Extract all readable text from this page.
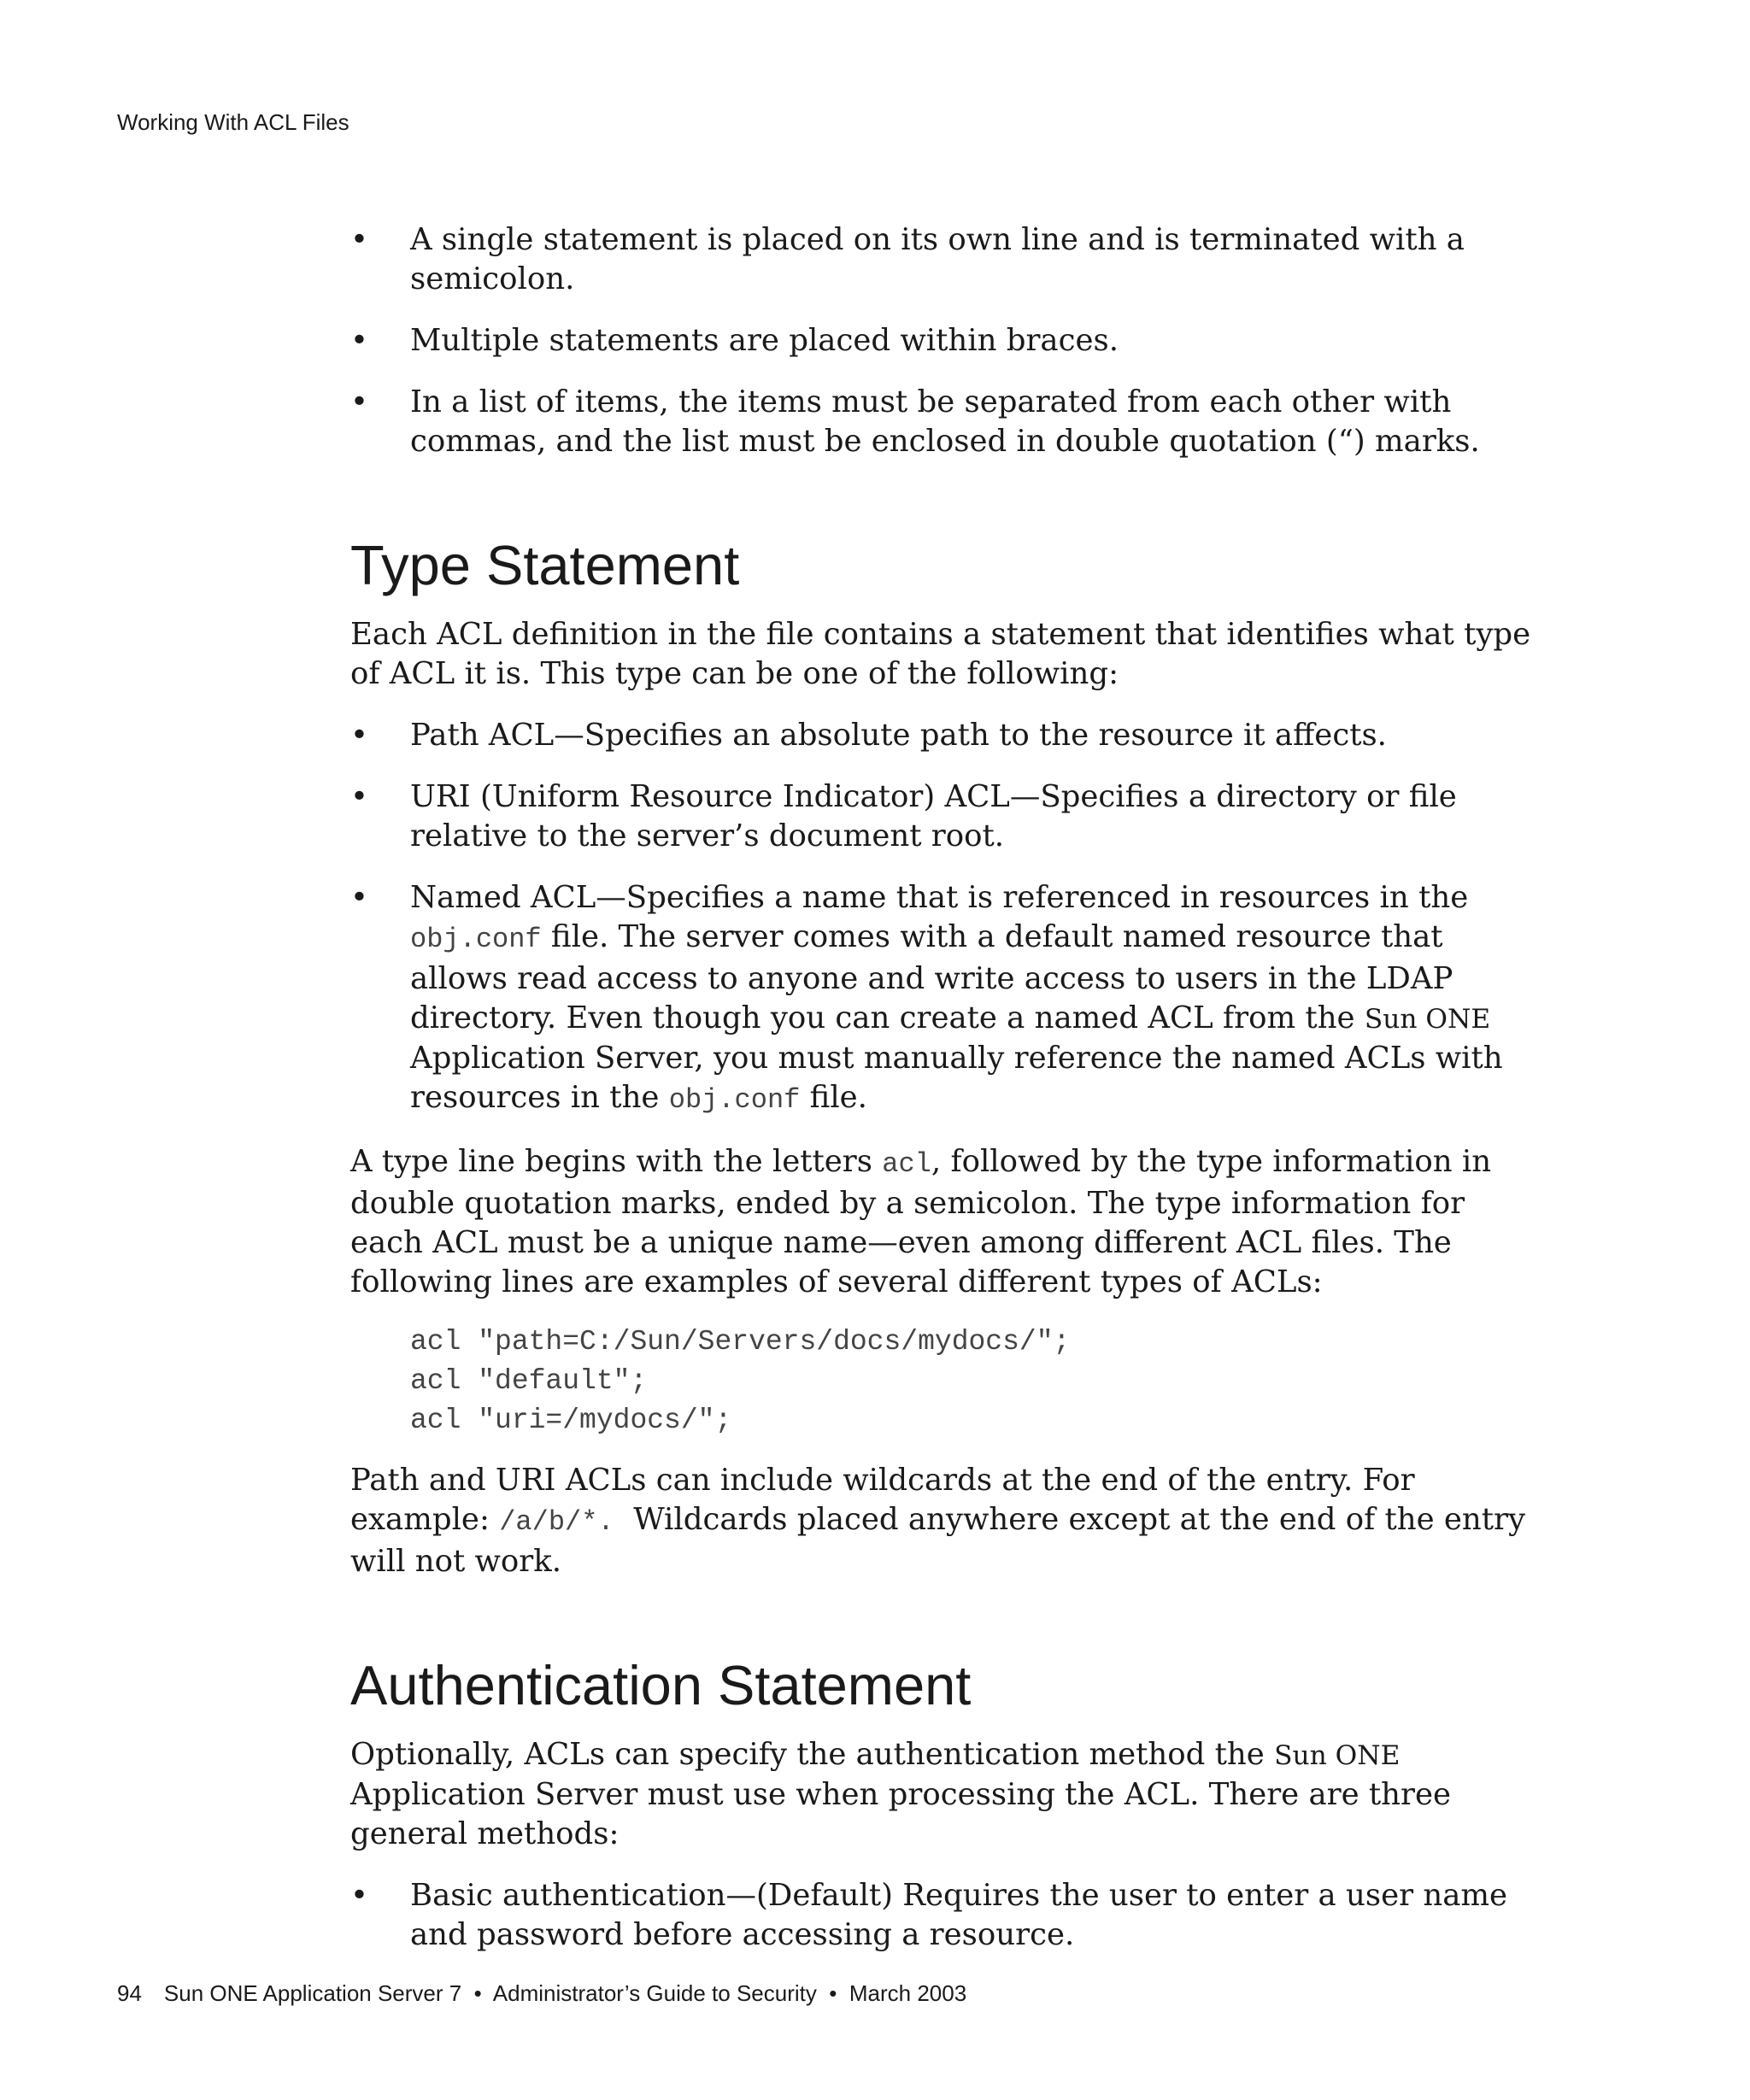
Working With ACL Files
• A single statement is placed on its own line and is terminated with a semicolon.
• Multiple statements are placed within braces.
• In a list of items, the items must be separated from each other with commas, and the list must be enclosed in double quotation (“) marks.
Type Statement

Each ACL definition in the file contains a statement that identifies what type of ACL it is. This type can be one of the following:

• Path ACL—Specifies an absolute path to the resource it affects.
• URI (Uniform Resource Indicator) ACL—Specifies a directory or file relative to the server’s document root.
• Named ACL—Specifies a name that is referenced in resources in the obj.conf file. The server comes with a default named resource that allows read access to anyone and write access to users in the LDAP directory. Even though you can create a named ACL from the Sun ONE Application Server, you must manually reference the named ACLs with resources in the obj.conf file.

A type line begins with the letters acl, followed by the type information in double quotation marks, ended by a semicolon. The type information for each ACL must be a unique name—even among different ACL files. The following lines are examples of several different types of ACLs:

acl "path=C:/Sun/Servers/docs/mydocs/";
acl "default";
acl "uri=/mydocs/";

Path and URI ACLs can include wildcards at the end of the entry. For example: /a/b/*.  Wildcards placed anywhere except at the end of the entry will not work.

Authentication Statement

Optionally, ACLs can specify the authentication method the Sun ONE Application Server must use when processing the ACL. There are three general methods:

• Basic authentication—(Default) Requires the user to enter a user name and password before accessing a resource.
94 Sun ONE Application Server 7  •  Administrator’s Guide to Security  •  March 2003
